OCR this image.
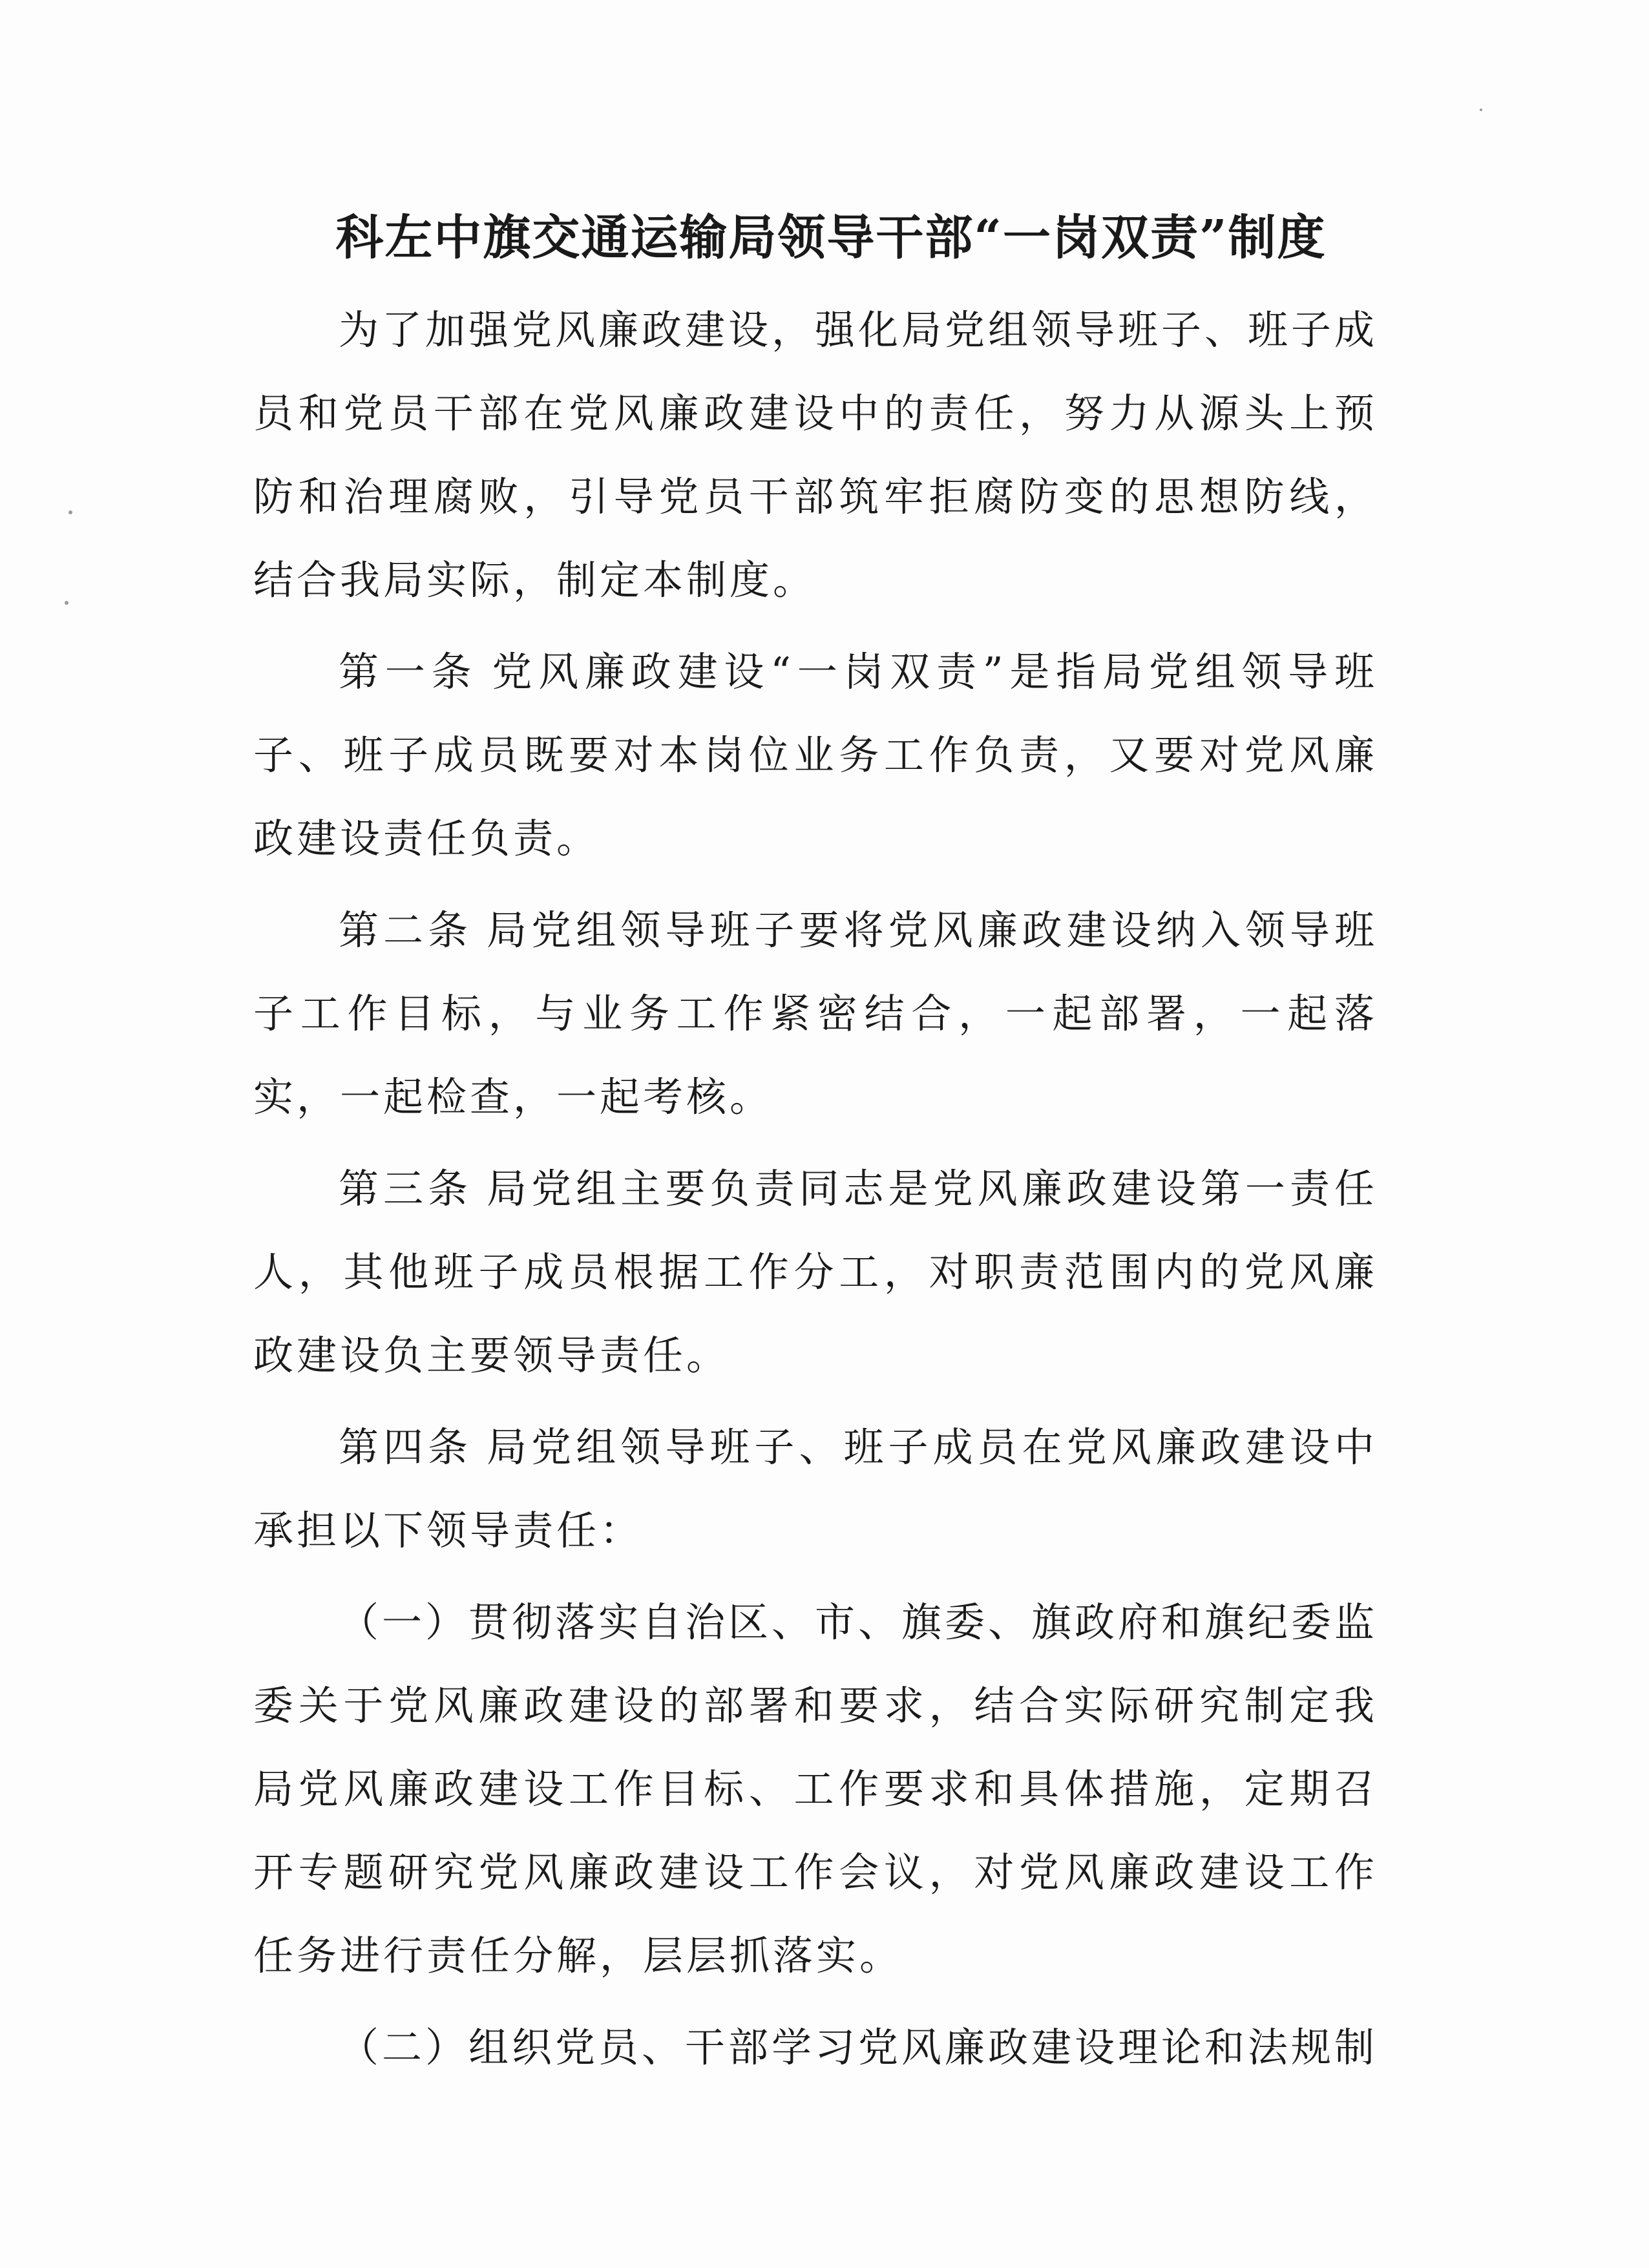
科左中旗交通运输局领导干部“一岗双责”制度

为了加强党风廉政建设，强化局党组领导班子、班子成员和党员干部在党风廉政建设中的责任，努力从源头上预防和治理腐败，引导党员干部筑牢拒腐防变的思想防线，结合我局实际，制定本制度。

第一条 党风廉政建设“一岗双责”是指局党组领导班子、班子成员既要对本岗位业务工作负责，又要对党风廉政建设责任负责。

第二条 局党组领导班子要将党风廉政建设纳入领导班子工作目标，与业务工作紧密结合，一起部署，一起落实，一起检查，一起考核。

第三条 局党组主要负责同志是党风廉政建设第一责任人，其他班子成员根据工作分工，对职责范围内的党风廉政建设负主要领导责任。

第四条 局党组领导班子、班子成员在党风廉政建设中承担以下领导责任：

（一）贯彻落实自治区、市、旗委、旗政府和旗纪委监委关于党风廉政建设的部署和要求，结合实际研究制定我局党风廉政建设工作目标、工作要求和具体措施，定期召开专题研究党风廉政建设工作会议，对党风廉政建设工作任务进行责任分解，层层抓落实。

（二）组织党员、干部学习党风廉政建设理论和法规制
